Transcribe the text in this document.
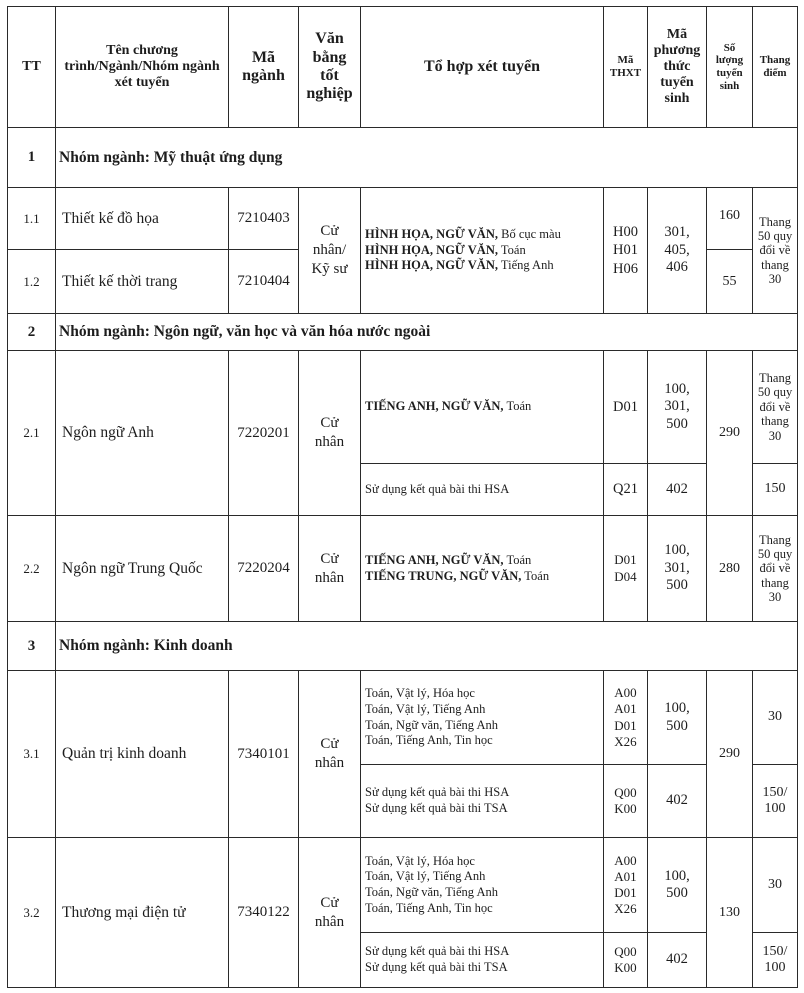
TT	Tên chương trình/Ngành/Nhóm ngành xét tuyển	Mã ngành	Văn bằng tốt nghiệp	Tổ hợp xét tuyển	Mã THXT	Mã phương thức tuyển sinh	Số lượng tuyển sinh	Thang điểm
1	Nhóm ngành: Mỹ thuật ứng dụng							
1.1	Thiết kế đồ họa	7210403	Cử
nhân/
Kỹ sư	HÌNH HỌA, NGỮ VĂN, Bố cục màu
HÌNH HỌA, NGỮ VĂN, Toán
HÌNH HỌA, NGỮ VĂN, Tiếng Anh	H00
H01
H06	301,
405,
406	160	Thang
50 quy
đổi về
thang
30

1.2	Thiết kế thời trang	7210404					55	
2	Nhóm ngành: Ngôn ngữ, văn học và văn hóa nước ngoài							
2.1	Ngôn ngữ Anh	7220201	Cử
nhân	TIẾNG ANH, NGỮ VĂN, Toán	D01	100,
301,
500	290	Thang
50 quy
đổi về
thang
30

				Sử dụng kết quả bài thi HSA	Q21	402		150
2.2	Ngôn ngữ Trung Quốc	7220204	Cử
nhân	TIẾNG ANH, NGỮ VĂN, Toán
TIẾNG TRUNG, NGỮ VĂN, Toán	D01
D04	100,
301,
500	280	Thang
50 quy
đổi về
thang
30

3	Nhóm ngành: Kinh doanh							
3.1	Quản trị kinh doanh	7340101	Cử
nhân	Toán, Vật lý, Hóa học
Toán, Vật lý, Tiếng Anh
Toán, Ngữ văn, Tiếng Anh
Toán, Tiếng Anh, Tin học	A00
A01
D01
X26	100,
500	290	30

				Sử dụng kết quả bài thi HSA
Sử dụng kết quả bài thi TSA	Q00
K00	402		150/
100

3.2	Thương mại điện tử	7340122	Cử
nhân	Toán, Vật lý, Hóa học
Toán, Vật lý, Tiếng Anh
Toán, Ngữ văn, Tiếng Anh
Toán, Tiếng Anh, Tin học	A00
A01
D01
X26	100,
500	130	30

				Sử dụng kết quả bài thi HSA
Sử dụng kết quả bài thi TSA	Q00
K00	402		150/
100
